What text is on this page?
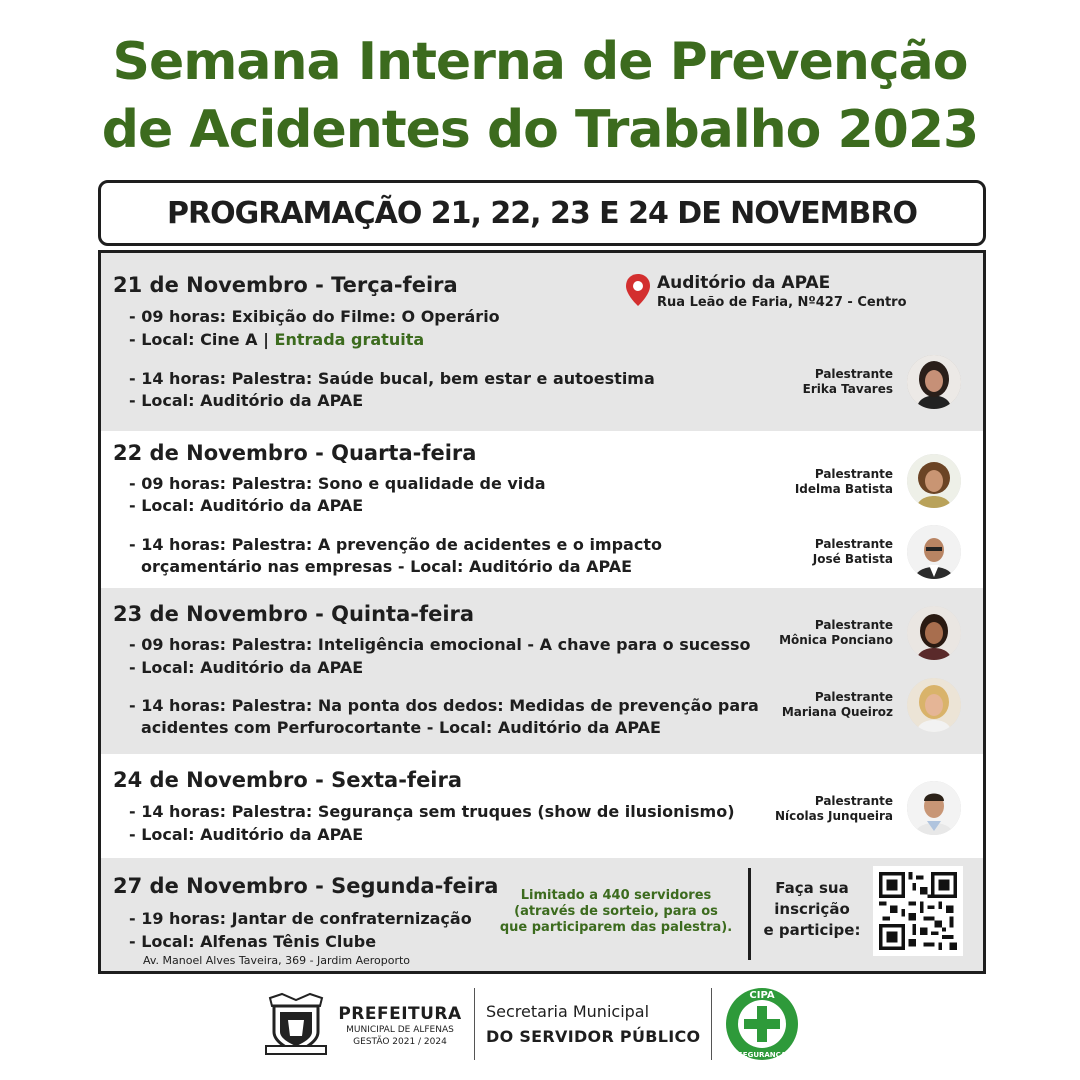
Semana Interna de Prevenção
de Acidentes do Trabalho 2023
PROGRAMAÇÃO 21, 22, 23 E 24 DE NOVEMBRO
21 de Novembro - Terça-feira
- 09 horas: Exibição do Filme: O Operário
- Local: Cine A | Entrada gratuita
- 14 horas: Palestra: Saúde bucal, bem estar e autoestima
- Local: Auditório da APAE
Auditório da APAE
Rua Leão de Faria, Nº427 - Centro
Palestrante
Erika Tavares
22 de Novembro - Quarta-feira
- 09 horas: Palestra: Sono e qualidade de vida
- Local: Auditório da APAE
- 14 horas: Palestra: A prevenção de acidentes e o impacto
orçamentário nas empresas - Local: Auditório da APAE
Palestrante
Idelma Batista
Palestrante
José Batista
23 de Novembro - Quinta-feira
- 09 horas: Palestra: Inteligência emocional - A chave para o sucesso
- Local: Auditório da APAE
- 14 horas: Palestra: Na ponta dos dedos: Medidas de prevenção para
acidentes com Perfurocortante - Local: Auditório da APAE
Palestrante
Mônica Ponciano
Palestrante
Mariana Queiroz
24 de Novembro - Sexta-feira
- 14 horas: Palestra: Segurança sem truques (show de ilusionismo)
- Local: Auditório da APAE
Palestrante
Nícolas Junqueira
27 de Novembro - Segunda-feira
- 19 horas: Jantar de confraternização
- Local: Alfenas Tênis Clube
Av. Manoel Alves Taveira, 369 - Jardim Aeroporto
Limitado a 440 servidores
(através de sorteio, para os
que participarem das palestra).
Faça sua
inscrição
e participe:
PREFEITURA
MUNICIPAL DE ALFENAS
GESTÃO 2021 / 2024
Secretaria Municipal
DO SERVIDOR PÚBLICO
CIPA
SEGURANÇA
